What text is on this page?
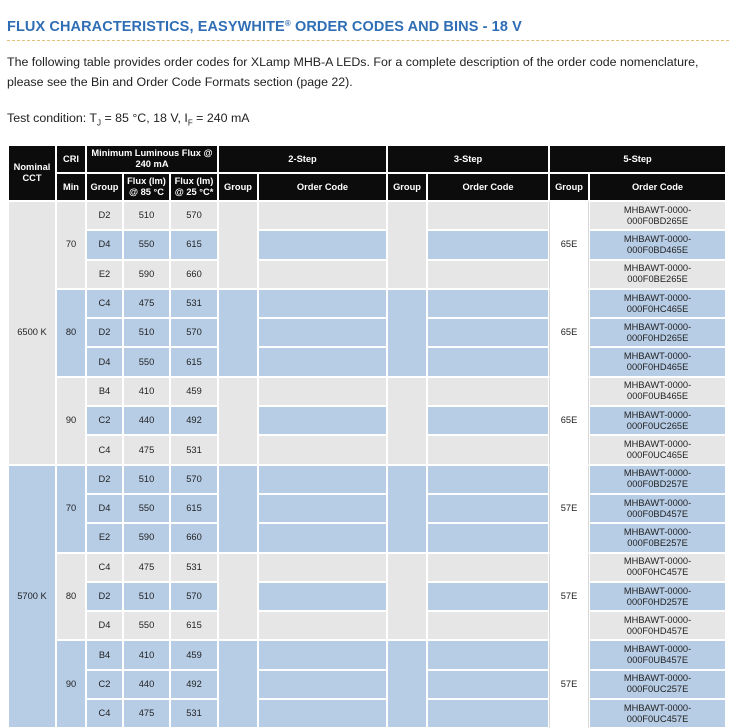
FLUX CHARACTERISTICS, EASYWHITE® ORDER CODES AND BINS - 18 V
The following table provides order codes for XLamp MHB-A LEDs. For a complete description of the order code nomenclature, please see the Bin and Order Code Formats section (page 22).
Test condition: $T_J = 85$ °C, 18 V, $I_F = 240$ mA
Nominal CCT	CRI	Minimum Luminous Flux @ 240 mA			2-Step		3-Step		5-Step	
	Min	Group	Flux (lm) @ 85 °C	Flux (lm) @ 25 °C*	Group	Order Code	Group	Order Code	Group	Order Code
6500 K	70	D2	510	570					65E	MHBAWT-0000-
000F0BD265E
		D4	550	615						MHBAWT-0000-
000F0BD465E
		E2	590	660						MHBAWT-0000-
000F0BE265E
	80	C4	475	531					65E	MHBAWT-0000-
000F0HC465E
		D2	510	570						MHBAWT-0000-
000F0HD265E
		D4	550	615						MHBAWT-0000-
000F0HD465E
	90	B4	410	459					65E	MHBAWT-0000-
000F0UB465E
		C2	440	492						MHBAWT-0000-
000F0UC265E
		C4	475	531						MHBAWT-0000-
000F0UC465E
5700 K	70	D2	510	570					57E	MHBAWT-0000-
000F0BD257E
		D4	550	615						MHBAWT-0000-
000F0BD457E
		E2	590	660						MHBAWT-0000-
000F0BE257E
	80	C4	475	531					57E	MHBAWT-0000-
000F0HC457E
		D2	510	570						MHBAWT-0000-
000F0HD257E
		D4	550	615						MHBAWT-0000-
000F0HD457E
	90	B4	410	459					57E	MHBAWT-0000-
000F0UB457E
		C2	440	492						MHBAWT-0000-
000F0UC257E
		C4	475	531						MHBAWT-0000-
000F0UC457E
